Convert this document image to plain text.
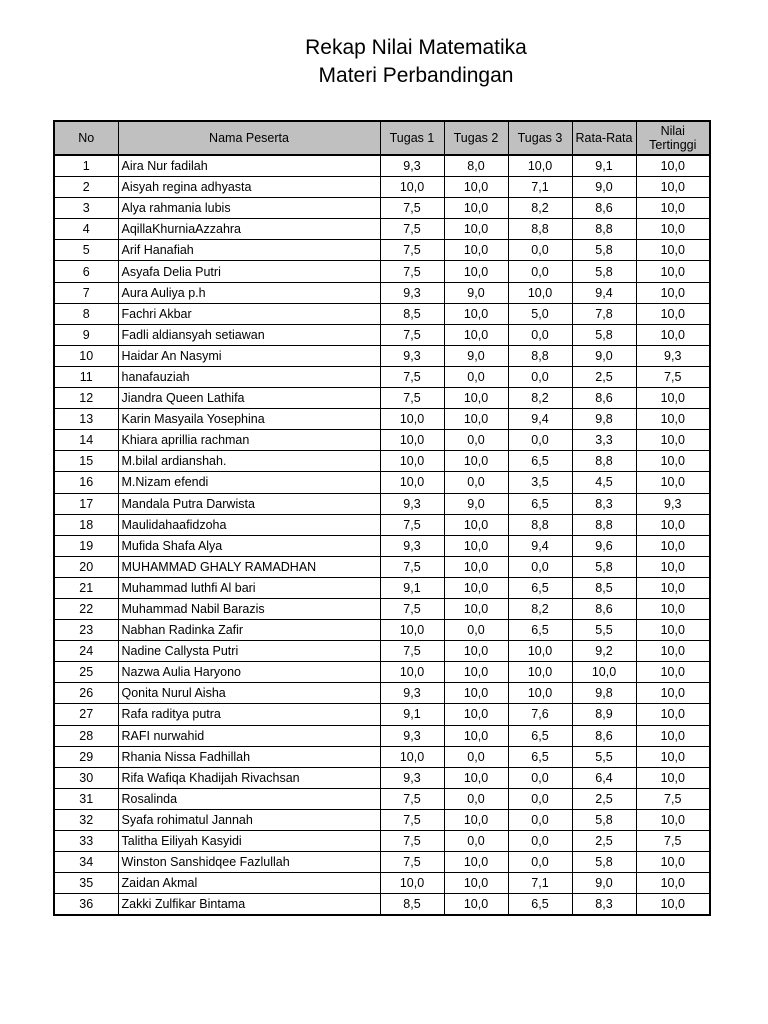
Rekap Nilai Matematika
Materi Perbandingan
No	Nama Peserta	Tugas 1	Tugas 2	Tugas 3	Rata-Rata	Nilai Tertinggi
1	Aira Nur fadilah	9,3	8,0	10,0	9,1	10,0
2	Aisyah regina adhyasta	10,0	10,0	7,1	9,0	10,0
3	Alya rahmania lubis	7,5	10,0	8,2	8,6	10,0
4	AqillaKhurniaAzzahra	7,5	10,0	8,8	8,8	10,0
5	Arif Hanafiah	7,5	10,0	0,0	5,8	10,0
6	Asyafa Delia Putri	7,5	10,0	0,0	5,8	10,0
7	Aura Auliya p.h	9,3	9,0	10,0	9,4	10,0
8	Fachri Akbar	8,5	10,0	5,0	7,8	10,0
9	Fadli aldiansyah setiawan	7,5	10,0	0,0	5,8	10,0
10	Haidar An Nasymi	9,3	9,0	8,8	9,0	9,3
11	hanafauziah	7,5	0,0	0,0	2,5	7,5
12	Jiandra Queen Lathifa	7,5	10,0	8,2	8,6	10,0
13	Karin Masyaila Yosephina	10,0	10,0	9,4	9,8	10,0
14	Khiara aprillia rachman	10,0	0,0	0,0	3,3	10,0
15	M.bilal ardianshah.	10,0	10,0	6,5	8,8	10,0
16	M.Nizam efendi	10,0	0,0	3,5	4,5	10,0
17	Mandala Putra Darwista	9,3	9,0	6,5	8,3	9,3
18	Maulidahaafidzoha	7,5	10,0	8,8	8,8	10,0
19	Mufida Shafa Alya	9,3	10,0	9,4	9,6	10,0
20	MUHAMMAD GHALY RAMADHAN	7,5	10,0	0,0	5,8	10,0
21	Muhammad luthfi Al bari	9,1	10,0	6,5	8,5	10,0
22	Muhammad Nabil Barazis	7,5	10,0	8,2	8,6	10,0
23	Nabhan Radinka Zafir	10,0	0,0	6,5	5,5	10,0
24	Nadine Callysta Putri	7,5	10,0	10,0	9,2	10,0
25	Nazwa Aulia Haryono	10,0	10,0	10,0	10,0	10,0
26	Qonita Nurul Aisha	9,3	10,0	10,0	9,8	10,0
27	Rafa raditya putra	9,1	10,0	7,6	8,9	10,0
28	RAFI nurwahid	9,3	10,0	6,5	8,6	10,0
29	Rhania Nissa Fadhillah	10,0	0,0	6,5	5,5	10,0
30	Rifa Wafiqa Khadijah Rivachsan	9,3	10,0	0,0	6,4	10,0
31	Rosalinda	7,5	0,0	0,0	2,5	7,5
32	Syafa rohimatul Jannah	7,5	10,0	0,0	5,8	10,0
33	Talitha Eiliyah Kasyidi	7,5	0,0	0,0	2,5	7,5
34	Winston Sanshidqee Fazlullah	7,5	10,0	0,0	5,8	10,0
35	Zaidan Akmal	10,0	10,0	7,1	9,0	10,0
36	Zakki Zulfikar Bintama	8,5	10,0	6,5	8,3	10,0
